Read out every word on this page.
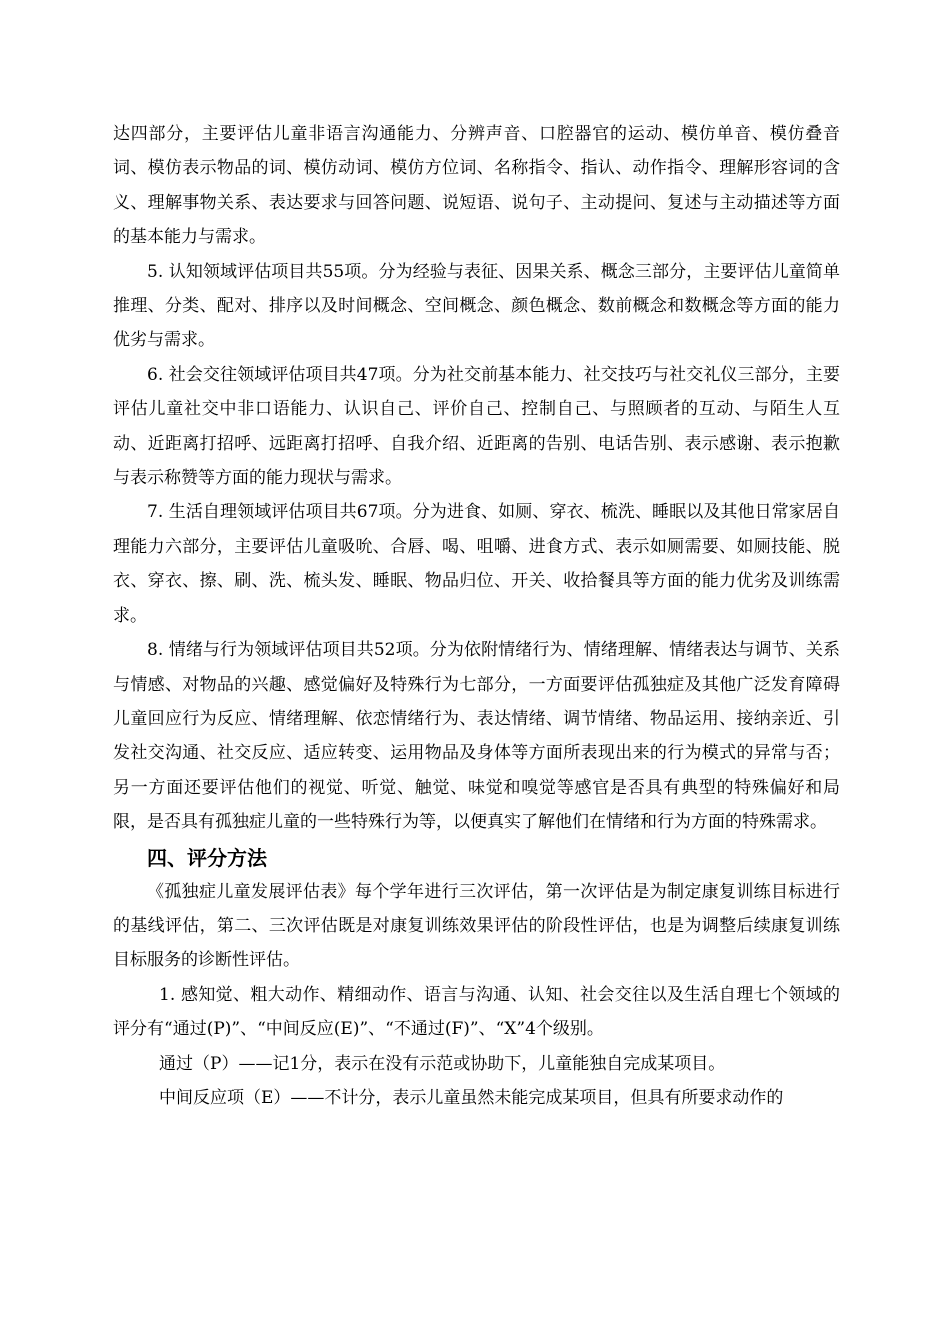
达四部分，主要评估儿童非语言沟通能力、分辨声音、口腔器官的运动、模仿单音、模仿叠音词、模仿表示物品的词、模仿动词、模仿方位词、名称指令、指认、动作指令、理解形容词的含义、理解事物关系、表达要求与回答问题、说短语、说句子、主动提问、复述与主动描述等方面的基本能力与需求。

5. 认知领域评估项目共55项。分为经验与表征、因果关系、概念三部分，主要评估儿童简单推理、分类、配对、排序以及时间概念、空间概念、颜色概念、数前概念和数概念等方面的能力优劣与需求。

6. 社会交往领域评估项目共47项。分为社交前基本能力、社交技巧与社交礼仪三部分，主要评估儿童社交中非口语能力、认识自己、评价自己、控制自己、与照顾者的互动、与陌生人互动、近距离打招呼、远距离打招呼、自我介绍、近距离的告别、电话告别、表示感谢、表示抱歉与表示称赞等方面的能力现状与需求。

7. 生活自理领域评估项目共67项。分为进食、如厕、穿衣、梳洗、睡眠以及其他日常家居自理能力六部分，主要评估儿童吸吮、合唇、喝、咀嚼、进食方式、表示如厕需要、如厕技能、脱衣、穿衣、擦、刷、洗、梳头发、睡眠、物品归位、开关、收拾餐具等方面的能力优劣及训练需求。

8. 情绪与行为领域评估项目共52项。分为依附情绪行为、情绪理解、情绪表达与调节、关系与情感、对物品的兴趣、感觉偏好及特殊行为七部分，一方面要评估孤独症及其他广泛发育障碍儿童回应行为反应、情绪理解、依恋情绪行为、表达情绪、调节情绪、物品运用、接纳亲近、引发社交沟通、社交反应、适应转变、运用物品及身体等方面所表现出来的行为模式的异常与否；另一方面还要评估他们的视觉、听觉、触觉、味觉和嗅觉等感官是否具有典型的特殊偏好和局限，是否具有孤独症儿童的一些特殊行为等，以便真实了解他们在情绪和行为方面的特殊需求。

四、评分方法

《孤独症儿童发展评估表》每个学年进行三次评估，第一次评估是为制定康复训练目标进行的基线评估，第二、三次评估既是对康复训练效果评估的阶段性评估，也是为调整后续康复训练目标服务的诊断性评估。

1. 感知觉、粗大动作、精细动作、语言与沟通、认知、社会交往以及生活自理七个领域的评分有“通过(P)”、“中间反应(E)”、“不通过(F)”、“X”4个级别。

通过（P）——记1分，表示在没有示范或协助下，儿童能独自完成某项目。

中间反应项（E）——不计分，表示儿童虽然未能完成某项目，但具有所要求动作的
